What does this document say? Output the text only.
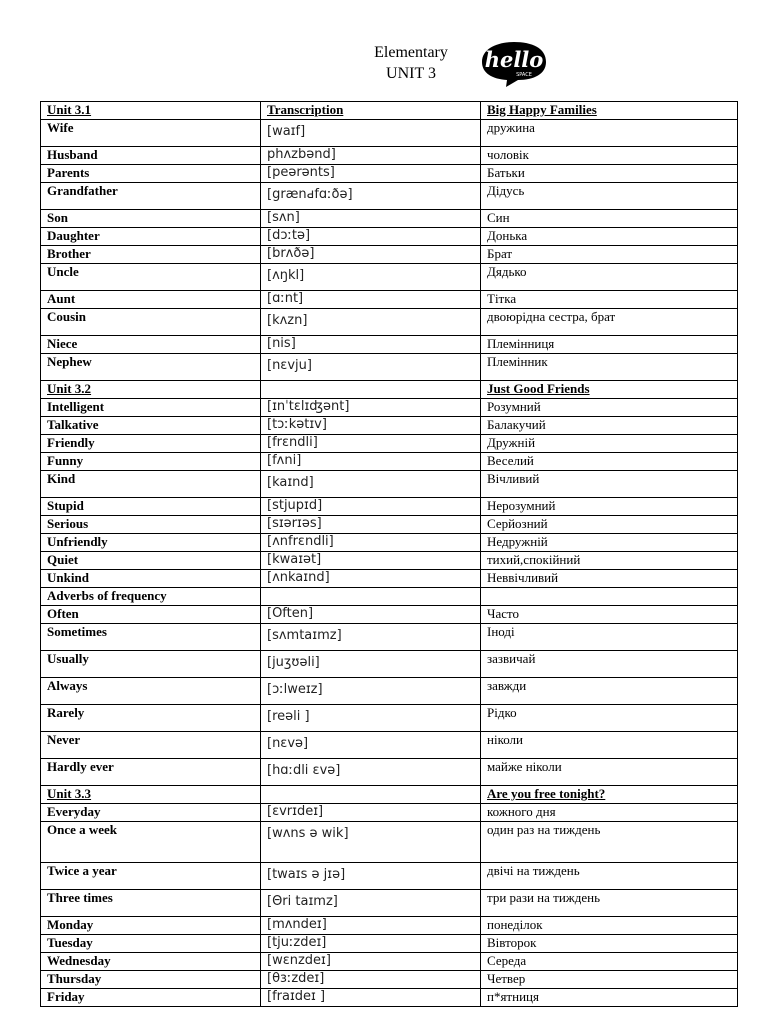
Elementary
UNIT 3
hello
SPACE
Unit 3.1	Transcription	Big Happy Families
Wife	[waɪf]	дружина
Husband	phʌzbənd]	чоловік
Parents	[peərənts]	Батьки
Grandfather	[grænԁfɑːðə]	Дідусь
Son	[sʌn]	Син
Daughter	[dɔːtə]	Донька
Brother	[brʌðə]	Брат
Uncle	[ʌŋkl]	Дядько
Aunt	[ɑːnt]	Тітка
Cousin	[kʌzn]	двоюрідна сестра, брат
Niece	[nis]	Племінниця
Nephew	[nɛvju]	Племінник
Unit 3.2		Just Good Friends
Intelligent	[ɪnˈtɛlɪʤənt]	Розумний
Talkative	[tɔːkətɪv]	Балакучий
Friendly	[frɛndli]	Дружній
Funny	[fʌni]	Веселий
Kind	[kaɪnd]	Вічливий
Stupid	[stjupɪd]	Нерозумний
Serious	[sɪərɪəs]	Серйозний
Unfriendly	[ʌnfrɛndli]	Недружній
Quiet	[kwaɪət]	тихий,спокійний
Unkind	[ʌnkaɪnd]	Неввічливий
Adverbs of frequency		
Often	[Often]	Часто
Sometimes	[sʌmtaɪmz]	Іноді
Usually	[juʒʊəli]	зазвичай
Always	[ɔːlweɪz]	завжди
Rarely	[reəli ]	Рідко
Never	[nɛvə]	ніколи
Hardly ever	[hɑːdli ɛvə]	майже ніколи
Unit 3.3		Are you free tonight?
Everyday	[ɛvrɪdeɪ]	кожного дня
Once a week	[wʌns ə wik]	один раз на тиждень
Twice a year	[twaɪs ə jɪə]	двічі на тиждень
Three times	[Θri taɪmz]	три рази на тиждень
Monday	[mʌndeɪ]	понеділок
Tuesday	[tjuːzdeɪ]	Вівторок
Wednesday	[wɛnzdeɪ]	Середа
Thursday	[θɜːzdeɪ]	Четвер
Friday	[fraɪdeɪ ]	п*ятниця
